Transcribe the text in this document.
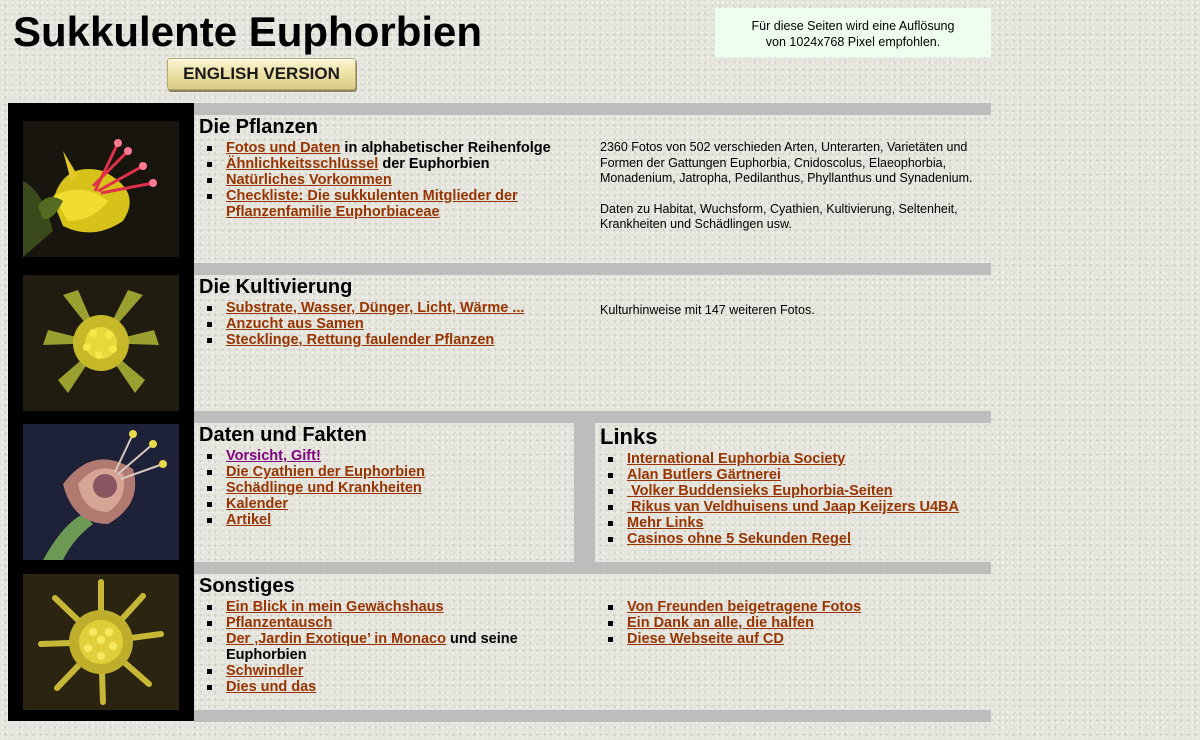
Sukkulente Euphorbien
ENGLISH VERSION
Für diese Seiten wird eine Auflösung
von 1024x768 Pixel empfohlen.
Die Pflanzen
Fotos und Daten in alphabetischer Reihenfolge
Ähnlichkeitsschlüssel der Euphorbien
Natürliches Vorkommen
Checkliste: Die sukkulenten Mitglieder der Pflanzenfamilie Euphorbiaceae

2360 Fotos von 502 verschieden Arten, Unterarten, Varietäten und Formen der Gattungen Euphorbia, Cnidoscolus, Elaeophorbia, Monadenium, Jatropha, Pedilanthus, Phyllanthus und Synadenium.

Daten zu Habitat, Wuchsform, Cyathien, Kultivierung, Seltenheit, Krankheiten und Schädlingen usw.

Die Kultivierung
Substrate, Wasser, Dünger, Licht, Wärme ...
Anzucht aus Samen
Stecklinge, Rettung faulender Pflanzen
Kulturhinweise mit 147 weiteren Fotos.
Daten und Fakten
Vorsicht, Gift!
Die Cyathien der Euphorbien
Schädlinge und Krankheiten
Kalender
Artikel
Links
International Euphorbia Society
Alan Butlers Gärtnerei
Volker Buddensieks Euphorbia-Seiten
Rikus van Veldhuisens und Jaap Keijzers U4BA
Mehr Links
Casinos ohne 5 Sekunden Regel
Sonstiges
Ein Blick in mein Gewächshaus
Pflanzentausch
Der ‚Jardin Exotique’ in Monaco und seine Euphorbien
Schwindler
Dies und das
Von Freunden beigetragene Fotos
Ein Dank an alle, die halfen
Diese Webseite auf CD
